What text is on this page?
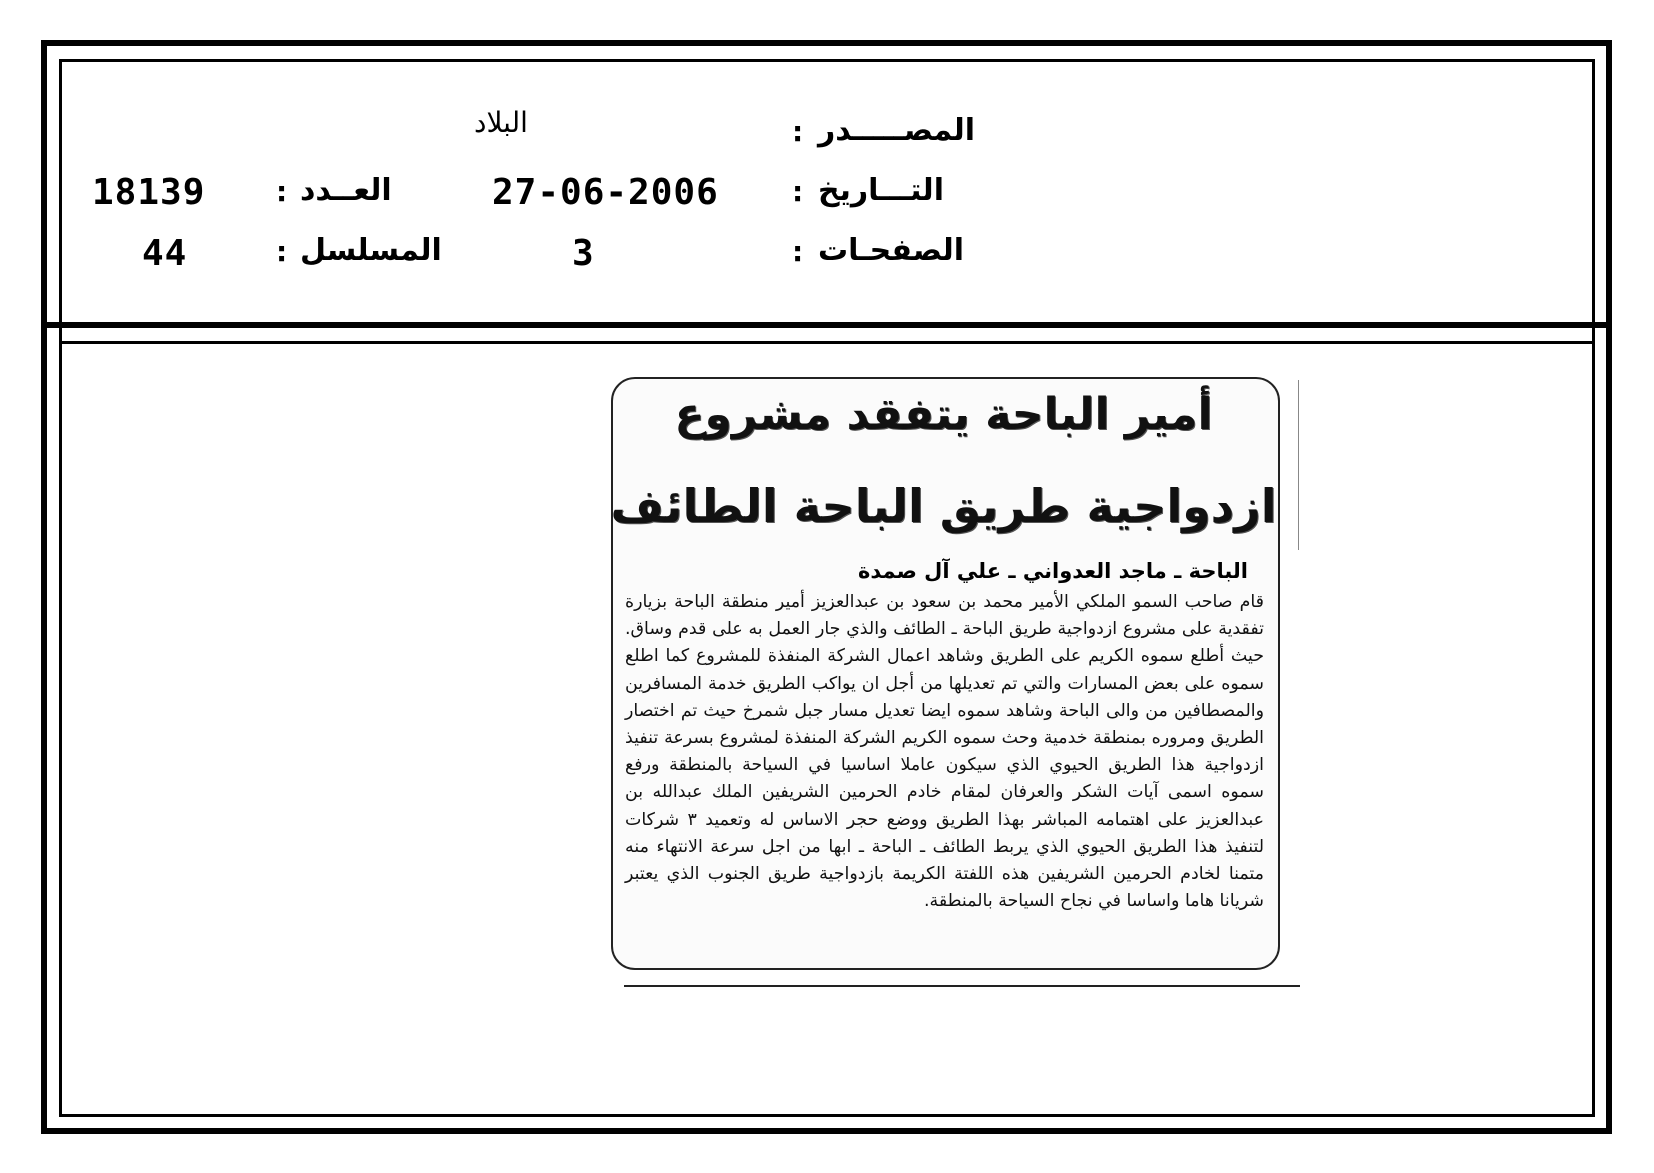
المصـــــدر
:
البلاد
التـــاريخ
:
27-06-2006
الصفحـات
:
3
العــدد
:
18139
المسلسل
:
44
أمير الباحة يتفقد مشروع
ازدواجية طريق الباحة الطائف
الباحة ـ ماجد العدواني ـ علي آل صمدة
قام صاحب السمو الملكي الأمير محمد بن سعود بن عبدالعزيز أمير منطقة الباحة بزيارة تفقدية على مشروع ازدواجية طريق الباحة ـ الطائف والذي جار العمل به على قدم وساق. حيث أطلع سموه الكريم على الطريق وشاهد اعمال الشركة المنفذة للمشروع كما اطلع سموه على بعض المسارات والتي تم تعديلها من أجل ان يواكب الطريق خدمة المسافرين والمصطافين من والى الباحة وشاهد سموه ايضا تعديل مسار جبل شمرخ حيث تم اختصار الطريق ومروره بمنطقة خدمية وحث سموه الكريم الشركة المنفذة لمشروع بسرعة تنفيذ ازدواجية هذا الطريق الحيوي الذي سيكون عاملا اساسيا في السياحة بالمنطقة ورفع سموه اسمى آيات الشكر والعرفان لمقام خادم الحرمين الشريفين الملك عبدالله بن عبدالعزيز على اهتمامه المباشر بهذا الطريق ووضع حجر الاساس له وتعميد ٣ شركات لتنفيذ هذا الطريق الحيوي الذي يربط الطائف ـ الباحة ـ ابها من اجل سرعة الانتهاء منه متمنا لخادم الحرمين الشريفين هذه اللفتة الكريمة بازدواجية طريق الجنوب الذي يعتبر شريانا هاما واساسا في نجاح السياحة بالمنطقة.
